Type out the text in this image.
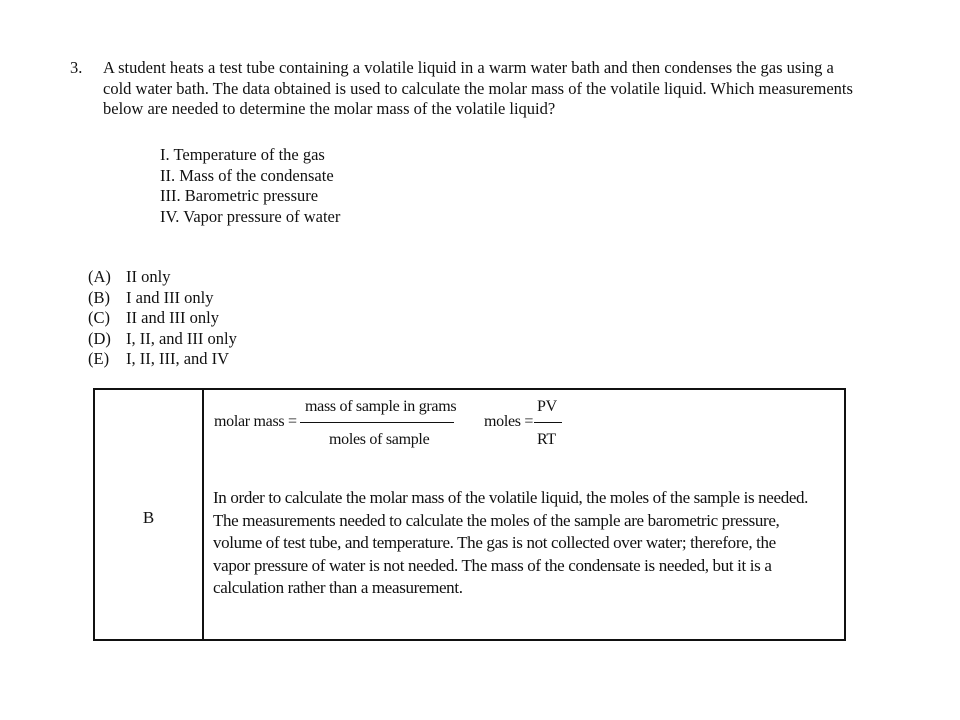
3. A student heats a test tube containing a volatile liquid in a warm water bath and then condenses the gas using a
cold water bath. The data obtained is used to calculate the molar mass of the volatile liquid. Which measurements
below are needed to determine the molar mass of the volatile liquid?
I. Temperature of the gas
II. Mass of the condensate
III. Barometric pressure
IV. Vapor pressure of water
(A) II only
(B) I and III only
(C) II and III only
(D) I, II, and III only
(E) I, II, III, and IV
B
molar mass =
mass of sample in grams
moles of sample
moles =
PV
RT
In order to calculate the molar mass of the volatile liquid, the moles of the sample is needed.
The measurements needed to calculate the moles of the sample are barometric pressure,
volume of test tube, and temperature. The gas is not collected over water; therefore, the
vapor pressure of water is not needed. The mass of the condensate is needed, but it is a
calculation rather than a measurement.
